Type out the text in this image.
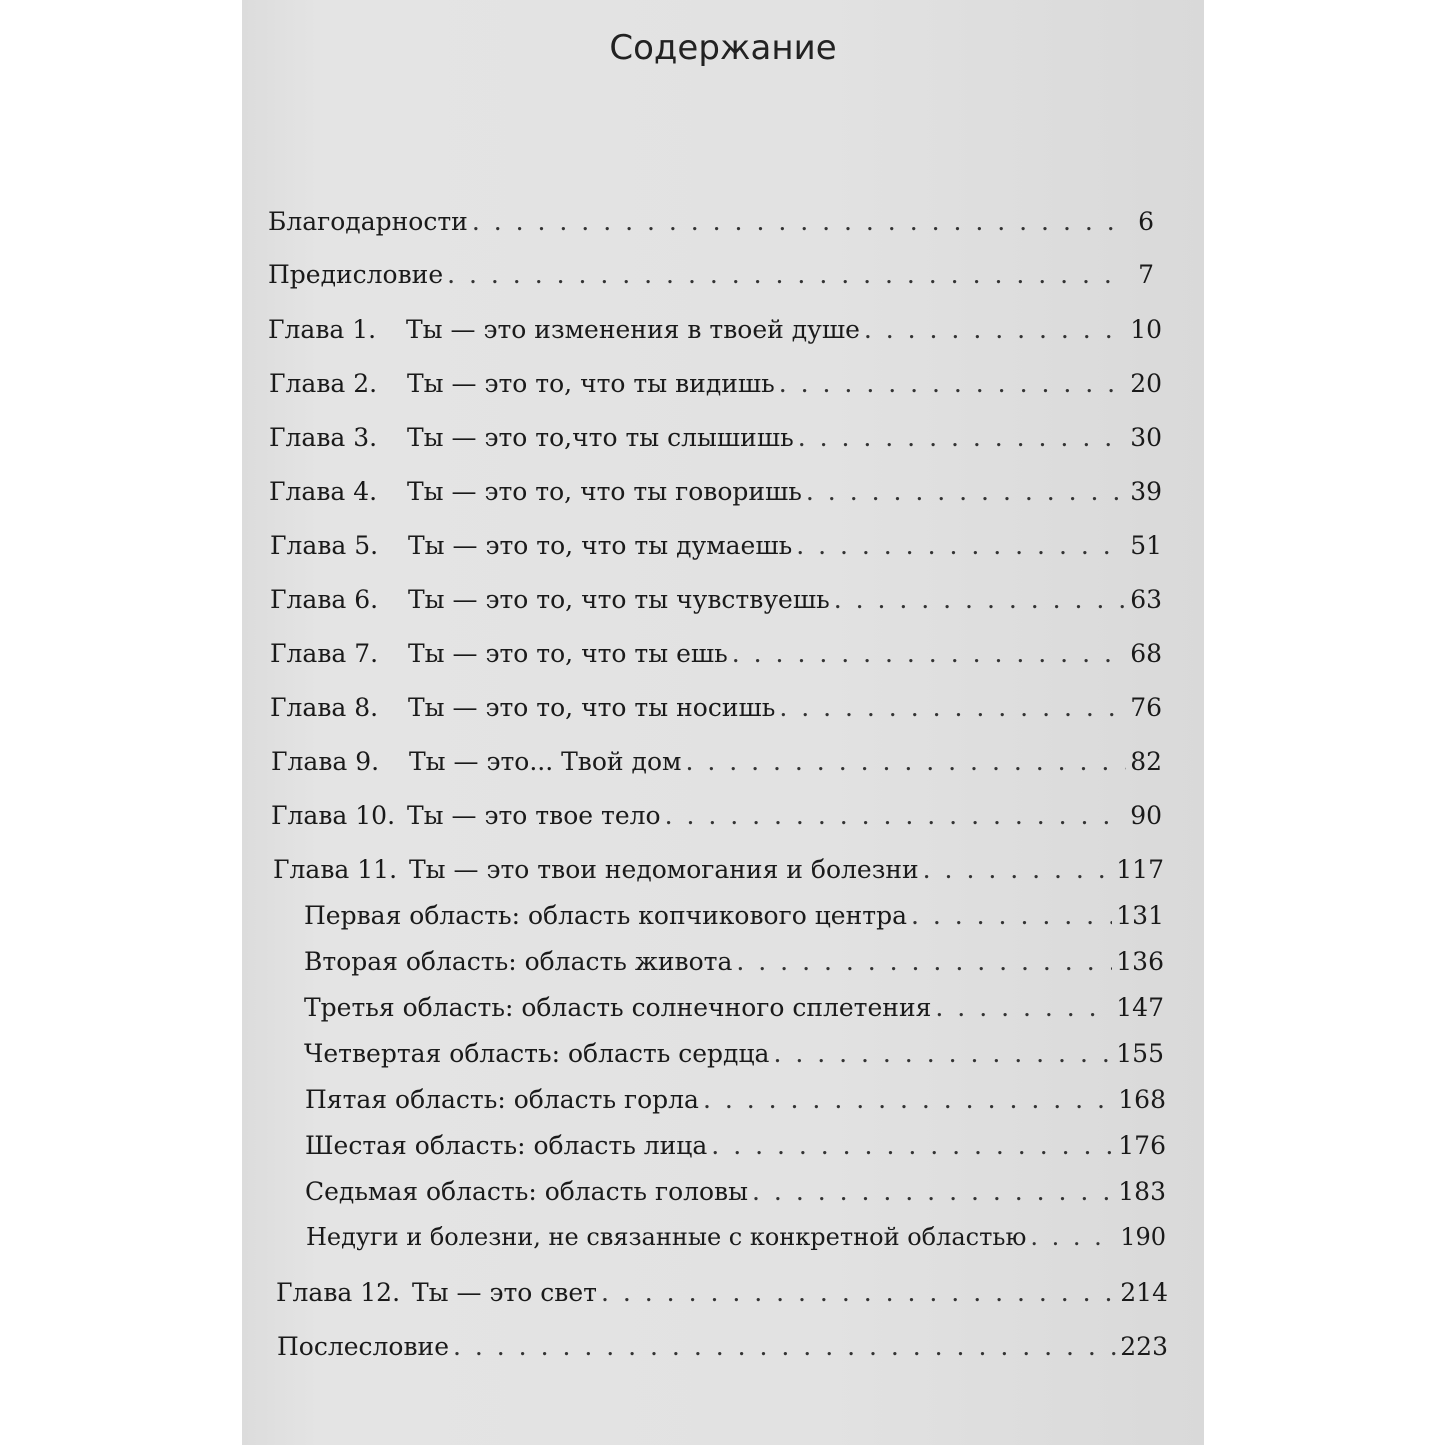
Содержание
Благодарности . . .	6
Предисловие . . .	7
Глава 1. Ты — это изменения в твоей душе . . .	10
Глава 2. Ты — это то, что ты видишь . . .	20
Глава 3. Ты — это то,что ты слышишь . . .	30
Глава 4. Ты — это то, что ты говоришь . . .	39
Глава 5. Ты — это то, что ты думаешь . . .	51
Глава 6. Ты — это то, что ты чувствуешь . . .	63
Глава 7. Ты — это то, что ты ешь . . .	68
Глава 8. Ты — это то, что ты носишь . . .	76
Глава 9. Ты — это... Твой дом . . .	82
Глава 10. Ты — это твое тело . . .	90
Глава 11. Ты — это твои недомогания и болезни . . .	117
Первая область: область копчикового центра . . .	131
Вторая область: область живота . . .	136
Третья область: область солнечного сплетения . . .	147
Четвертая область: область сердца . . .	155
Пятая область: область горла . . .	168
Шестая область: область лица . . .	176
Седьмая область: область головы . . .	183
Недуги и болезни, не связанные с конкретной областью . . .	190
Глава 12. Ты — это свет . . .	214
Послесловие . . .	223
